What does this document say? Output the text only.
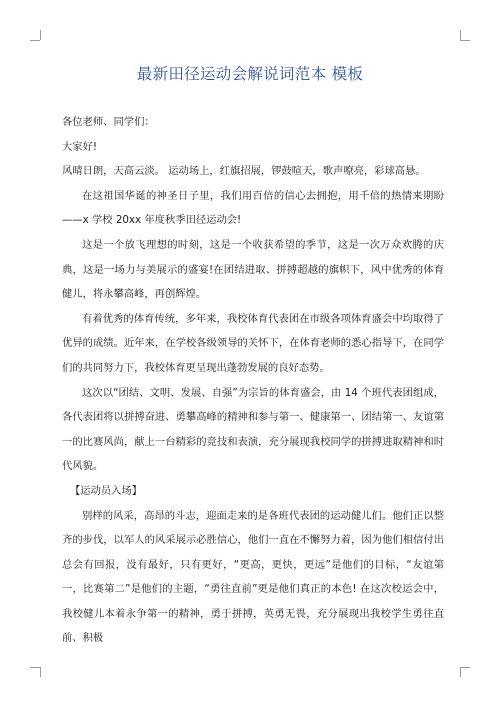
最新田径运动会解说词范本 模板

各位老师、同学们：

大家好!

风晴日朗，天高云淡。 运动场上，红旗招展，锣鼓喧天，歌声嘹亮，彩球高悬。

在这祖国华诞的神圣日子里，我们用百倍的信心去拥抱，用千倍的热情来期盼——x 学校 20xx 年度秋季田径运动会!

这是一个放飞理想的时刻，这是一个收获希望的季节，这是一次万众欢腾的庆典，这是一场力与美展示的盛宴!在团结进取、拼搏超越的旗帜下，风中优秀的体育健儿，将永攀高峰，再创辉煌。

有着优秀的体育传统，多年来，我校体育代表团在市级各项体育盛会中均取得了优异的成绩。近年来，在学校各级领导的关怀下，在体育老师的悉心指导下，在同学们的共同努力下，我校体育更呈现出蓬勃发展的良好态势。

这次以“团结、文明、发展、自强”为宗旨的体育盛会，由 14 个班代表团组成，各代表团将以拼搏奋进、勇攀高峰的精神和参与第一、健康第一、团结第一、友谊第一的比赛风尚，献上一台精彩的竞技和表演，充分展现我校同学的拼搏进取精神和时代风貌。

【运动员入场】

别样的风采，高昂的斗志，迎面走来的是各班代表团的运动健儿们。他们正以整齐的步伐，以军人的风采展示必胜信心，他们一直在不懈努力着，因为他们相信付出总会有回报，没有最好，只有更好，“更高，更快，更远”是他们的目标，“友谊第一，比赛第二”是他们的主题，“勇往直前”更是他们真正的本色! 在这次校运会中，我校健儿本着永争第一的精神，勇于拼搏，英勇无畏，充分展现出我校学生勇往直前、积极
